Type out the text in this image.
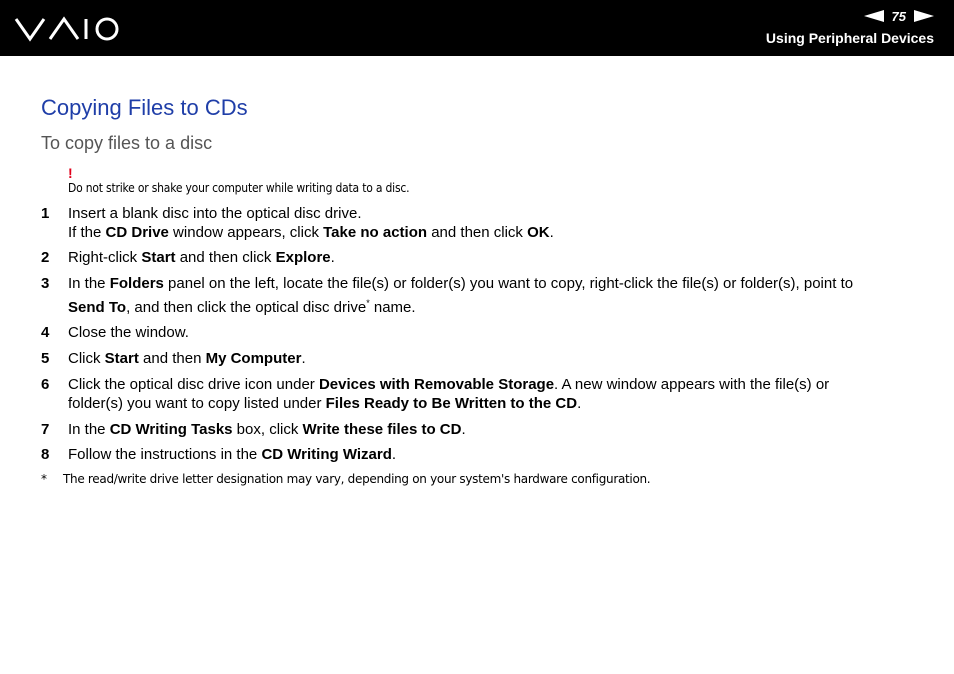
75
Using Peripheral Devices
Copying Files to CDs
To copy files to a disc
!
Do not strike or shake your computer while writing data to a disc.
1 Insert a blank disc into the optical disc drive.
If the CD Drive window appears, click Take no action and then click OK.
2 Right-click Start and then click Explore.
3 In the Folders panel on the left, locate the file(s) or folder(s) you want to copy, right-click the file(s) or folder(s), point to
Send To, and then click the optical disc drive* name.
4 Close the window.
5 Click Start and then My Computer.
6 Click the optical disc drive icon under Devices with Removable Storage. A new window appears with the file(s) or
folder(s) you want to copy listed under Files Ready to Be Written to the CD.
7 In the CD Writing Tasks box, click Write these files to CD.
8 Follow the instructions in the CD Writing Wizard.
* The read/write drive letter designation may vary, depending on your system's hardware configuration.
